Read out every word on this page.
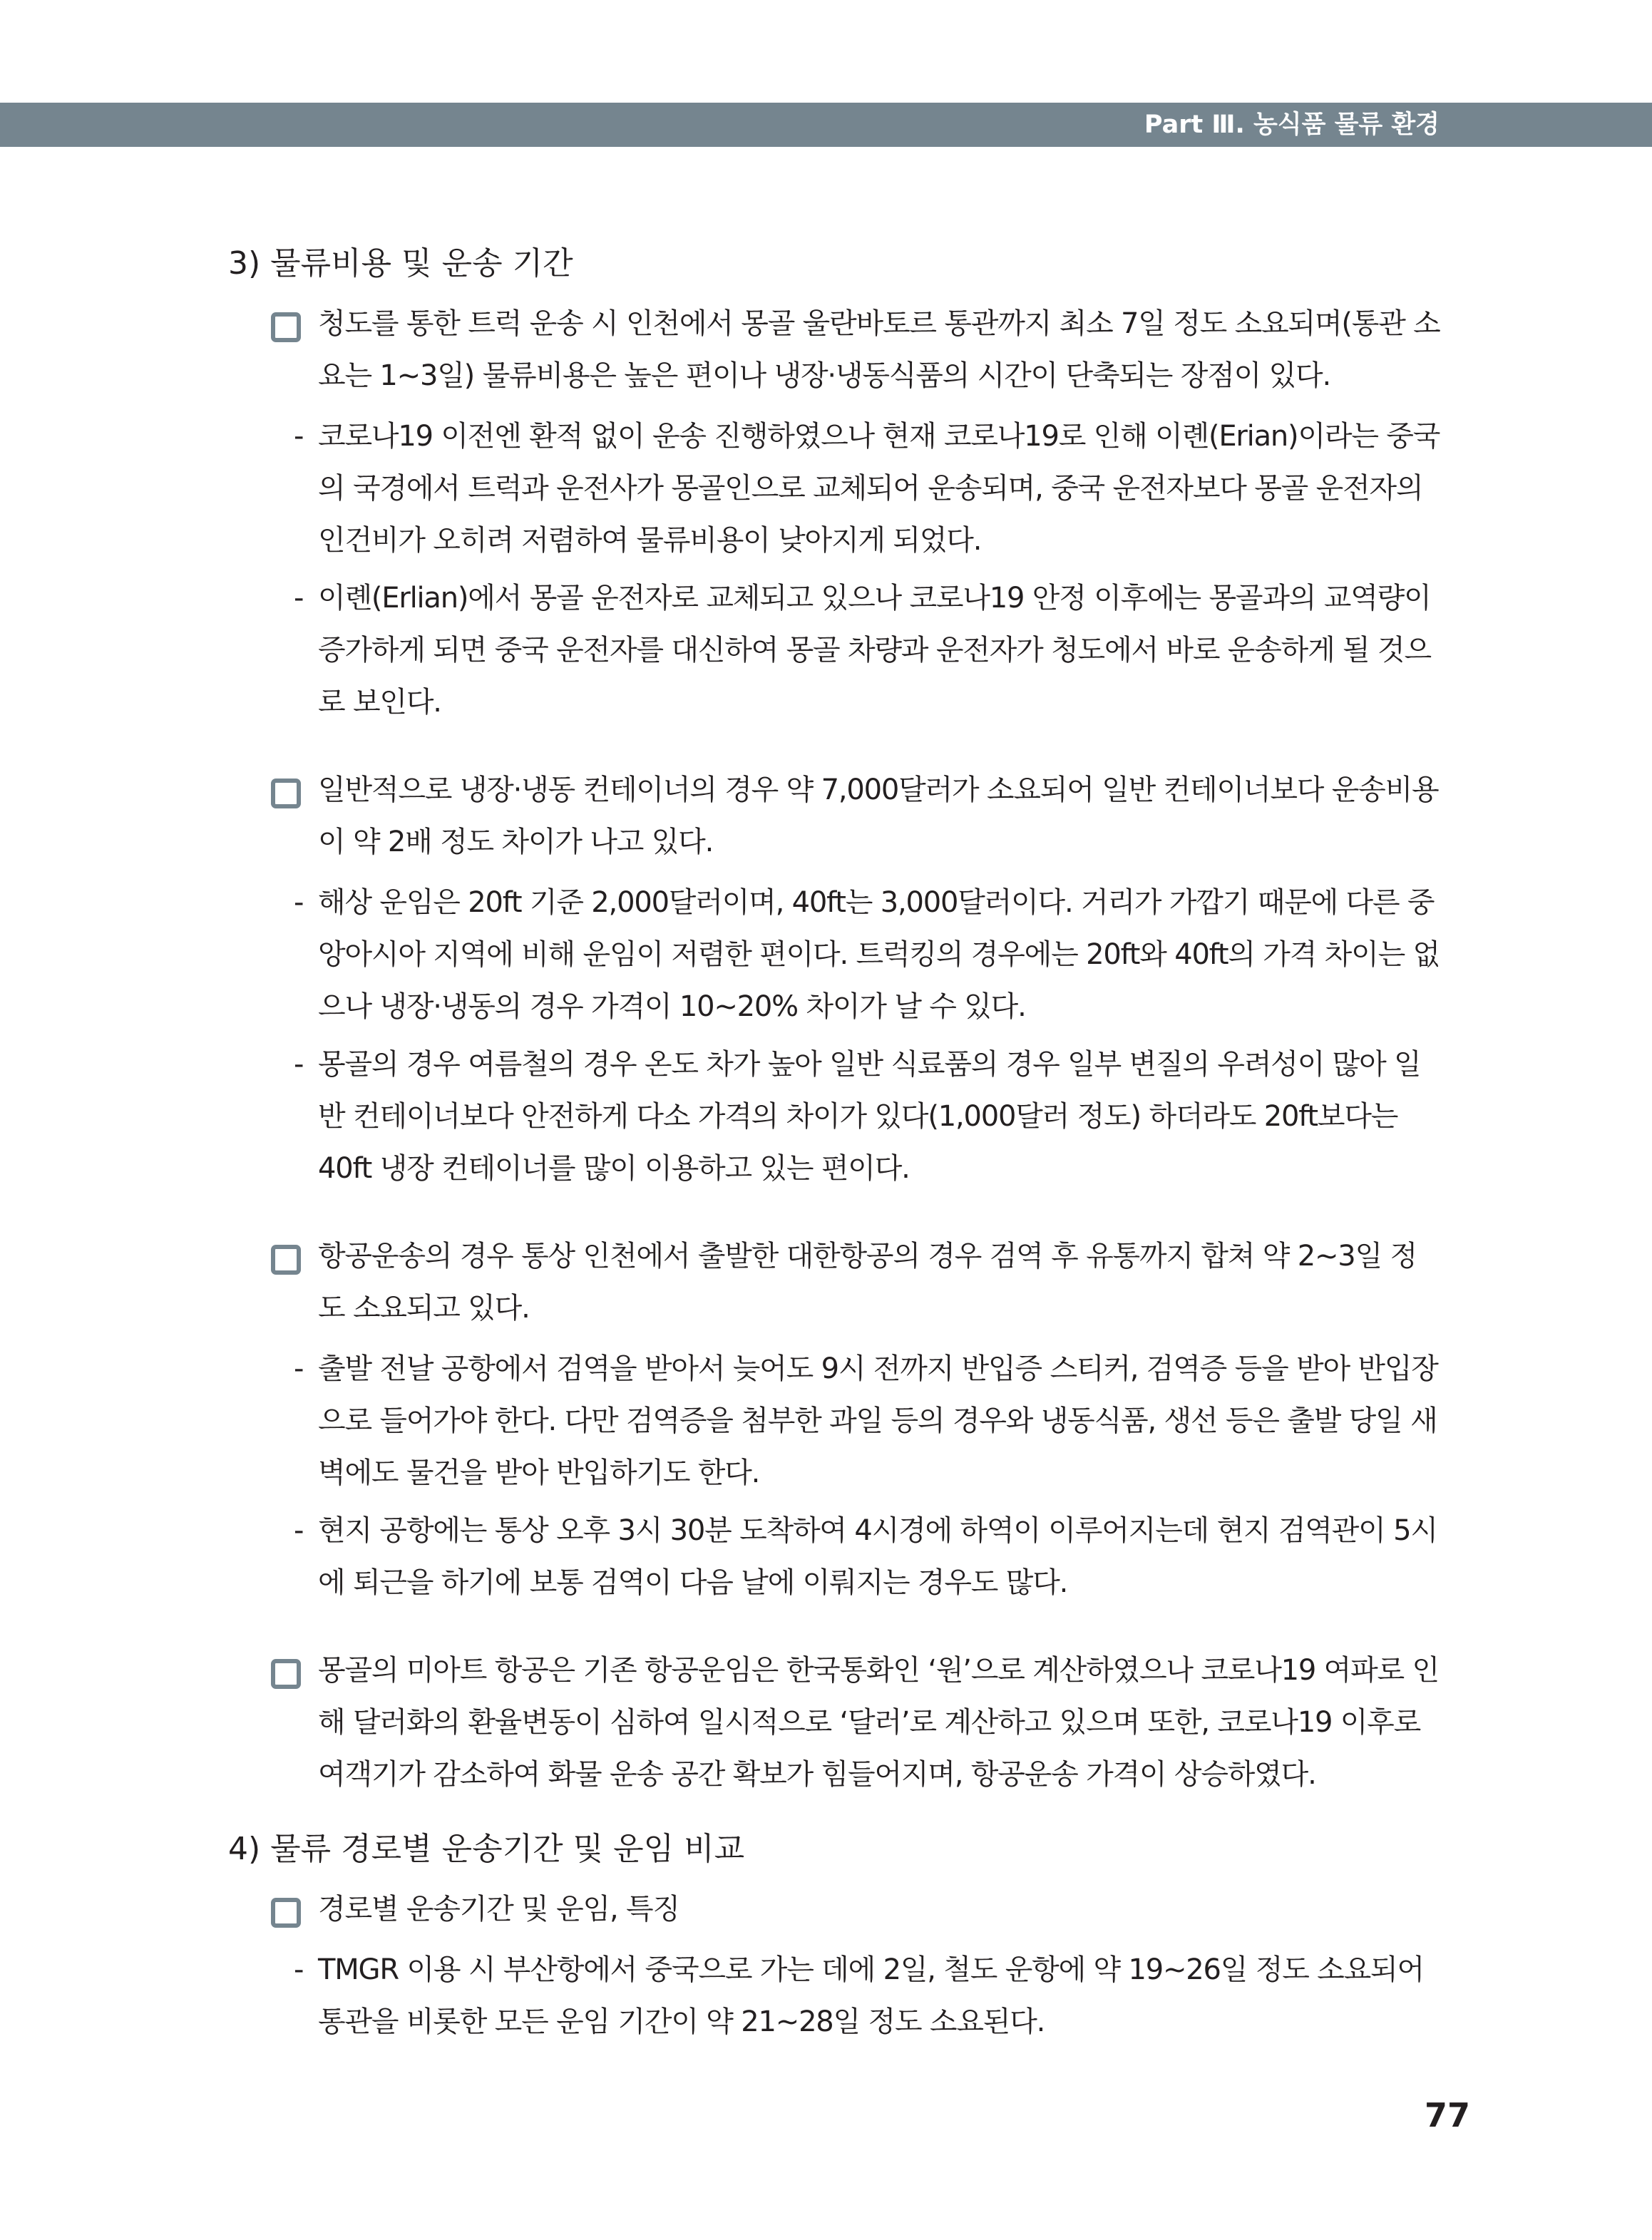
Part Ⅲ. 농식품 물류 환경
3) 물류비용 및 운송 기간
청도를 통한 트럭 운송 시 인천에서 몽골 울란바토르 통관까지 최소 7일 정도 소요되며(통관 소요는 1~3일) 물류비용은 높은 편이나 냉장·냉동식품의 시간이 단축되는 장점이 있다.
- 코로나19 이전엔 환적 없이 운송 진행하였으나 현재 코로나19로 인해 이롄(Erian)이라는 중국의 국경에서 트럭과 운전사가 몽골인으로 교체되어 운송되며, 중국 운전자보다 몽골 운전자의 인건비가 오히려 저렴하여 물류비용이 낮아지게 되었다.
- 이롄(Erlian)에서 몽골 운전자로 교체되고 있으나 코로나19 안정 이후에는 몽골과의 교역량이 증가하게 되면 중국 운전자를 대신하여 몽골 차량과 운전자가 청도에서 바로 운송하게 될 것으로 보인다.
일반적으로 냉장·냉동 컨테이너의 경우 약 7,000달러가 소요되어 일반 컨테이너보다 운송비용이 약 2배 정도 차이가 나고 있다.
- 해상 운임은 20ft 기준 2,000달러이며, 40ft는 3,000달러이다. 거리가 가깝기 때문에 다른 중앙아시아 지역에 비해 운임이 저렴한 편이다. 트럭킹의 경우에는 20ft와 40ft의 가격 차이는 없으나 냉장·냉동의 경우 가격이 10~20% 차이가 날 수 있다.
- 몽골의 경우 여름철의 경우 온도 차가 높아 일반 식료품의 경우 일부 변질의 우려성이 많아 일반 컨테이너보다 안전하게 다소 가격의 차이가 있다(1,000달러 정도) 하더라도 20ft보다는 40ft 냉장 컨테이너를 많이 이용하고 있는 편이다.
항공운송의 경우 통상 인천에서 출발한 대한항공의 경우 검역 후 유통까지 합쳐 약 2~3일 정도 소요되고 있다.
- 출발 전날 공항에서 검역을 받아서 늦어도 9시 전까지 반입증 스티커, 검역증 등을 받아 반입장으로 들어가야 한다. 다만 검역증을 첨부한 과일 등의 경우와 냉동식품, 생선 등은 출발 당일 새벽에도 물건을 받아 반입하기도 한다.
- 현지 공항에는 통상 오후 3시 30분 도착하여 4시경에 하역이 이루어지는데 현지 검역관이 5시에 퇴근을 하기에 보통 검역이 다음 날에 이뤄지는 경우도 많다.
몽골의 미아트 항공은 기존 항공운임은 한국통화인 ‘원’으로 계산하였으나 코로나19 여파로 인해 달러화의 환율변동이 심하여 일시적으로 ‘달러’로 계산하고 있으며 또한, 코로나19 이후로 여객기가 감소하여 화물 운송 공간 확보가 힘들어지며, 항공운송 가격이 상승하였다.
4) 물류 경로별 운송기간 및 운임 비교
경로별 운송기간 및 운임, 특징
- TMGR 이용 시 부산항에서 중국으로 가는 데에 2일, 철도 운항에 약 19~26일 정도 소요되어 통관을 비롯한 모든 운임 기간이 약 21~28일 정도 소요된다.
77
